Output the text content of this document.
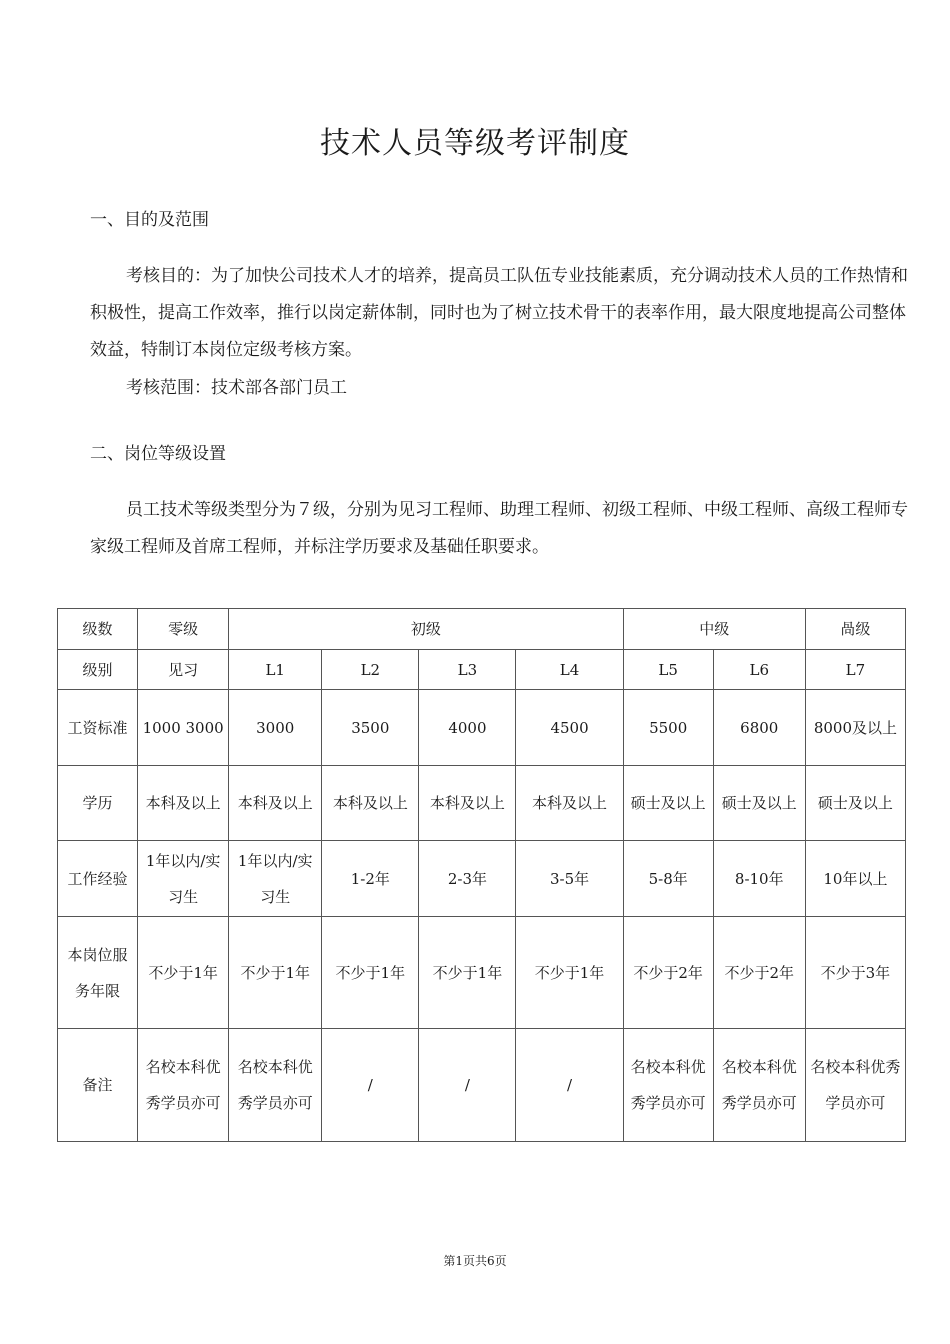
技术人员等级考评制度
一、目的及范围

考核目的：为了加快公司技术人才的培养，提高员工队伍专业技能素质，充分调动技术人员的工作热情和积极性，提高工作效率，推行以岗定薪体制，同时也为了树立技术骨干的表率作用，最大限度地提高公司整体效益，特制订本岗位定级考核方案。

考核范围：技术部各部门员工

二、岗位等级设置

员工技术等级类型分为７级，分别为见习工程师、助理工程师、初级工程师、中级工程师、高级工程师专家级工程师及首席工程师，并标注学历要求及基础任职要求。

级数	零级	初级				中级		咼级
级别	见习	L1	L2	L3	L4	L5	L6	L7
工资标准	1000 3000	3000	3500	4000	4500	5500	6800	8000及以上
学历	本科及以上	本科及以上	本科及以上	本科及以上	本科及以上	硕士及以上	硕士及以上	硕士及以上
工作经验	1年以内/实习生	1年以内/实习生	1-2年	2-3年	3-5年	5-8年	8-10年	10年以上
本岗位服务年限	不少于1年	不少于1年	不少于1年	不少于1年	不少于1年	不少于2年	不少于2年	不少于3年
备注	名校本科优秀学员亦可	名校本科优秀学员亦可	/	/	/	名校本科优秀学员亦可	名校本科优秀学员亦可	名校本科优秀学员亦可
第1页共6页
